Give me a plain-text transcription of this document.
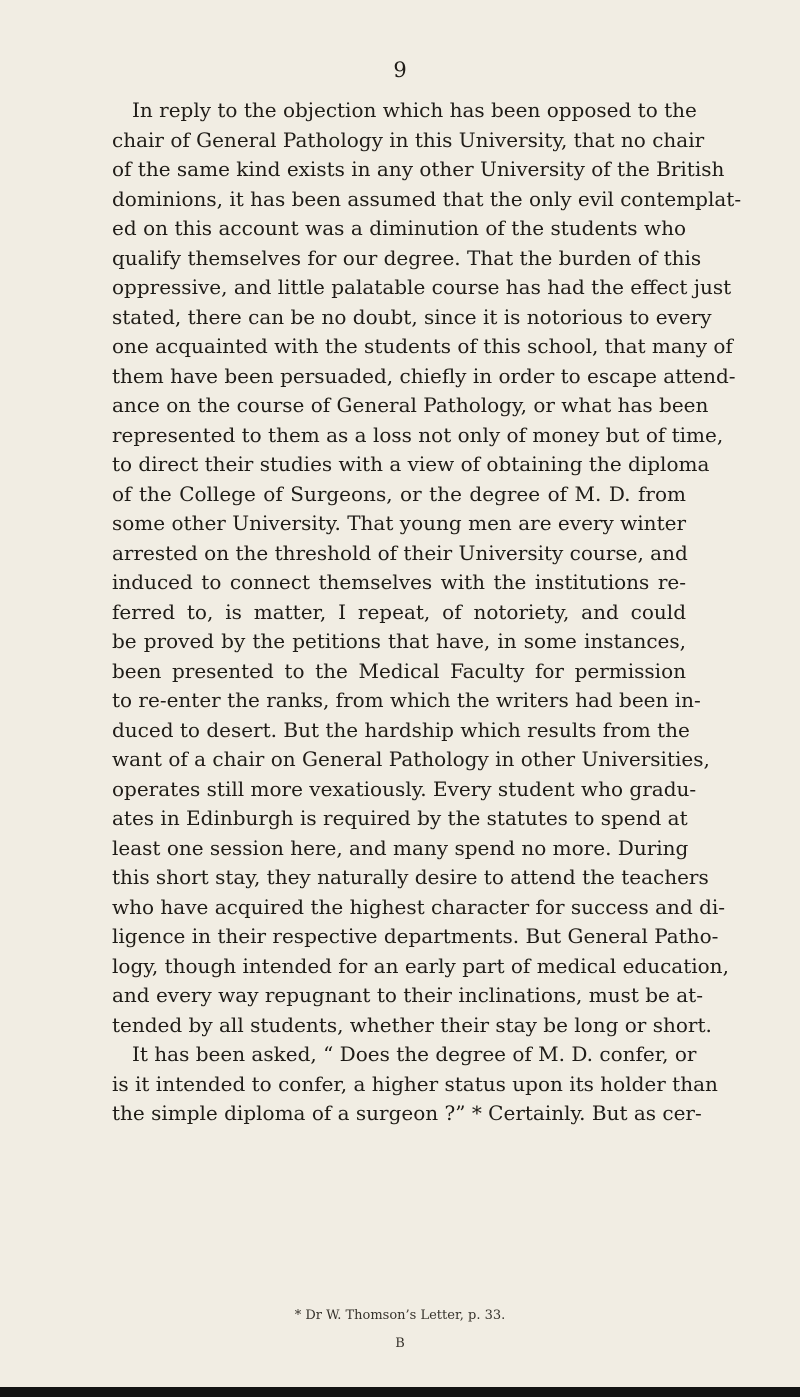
9
In reply to the objection which has been opposed to the
chair of General Pathology in this University, that no chair
of the same kind exists in any other University of the British
dominions, it has been assumed that the only evil contemplat-
ed on this account was a diminution of the students who
qualify themselves for our degree. That the burden of this
oppressive, and little palatable course has had the effect just
stated, there can be no doubt, since it is notorious to every
one acquainted with the students of this school, that many of
them have been persuaded, chiefly in order to escape attend-
ance on the course of General Pathology, or what has been
represented to them as a loss not only of money but of time,
to direct their studies with a view of obtaining the diploma
of the College of Surgeons, or the degree of M. D. from
some other University. That young men are every winter
arrested on the threshold of their University course, and
induced to connect themselves with the institutions re-
ferred to, is matter, I repeat, of notoriety, and could
be proved by the petitions that have, in some instances,
been presented to the Medical Faculty for permission
to re-enter the ranks, from which the writers had been in-
duced to desert. But the hardship which results from the
want of a chair on General Pathology in other Universities,
operates still more vexatiously. Every student who gradu-
ates in Edinburgh is required by the statutes to spend at
least one session here, and many spend no more. During
this short stay, they naturally desire to attend the teachers
who have acquired the highest character for success and di-
ligence in their respective departments. But General Patho-
logy, though intended for an early part of medical education,
and every way repugnant to their inclinations, must be at-
tended by all students, whether their stay be long or short.
It has been asked, “ Does the degree of M. D. confer, or
is it intended to confer, a higher status upon its holder than
the simple diploma of a surgeon ?” * Certainly. But as cer-
* Dr W. Thomson’s Letter, p. 33.
B
